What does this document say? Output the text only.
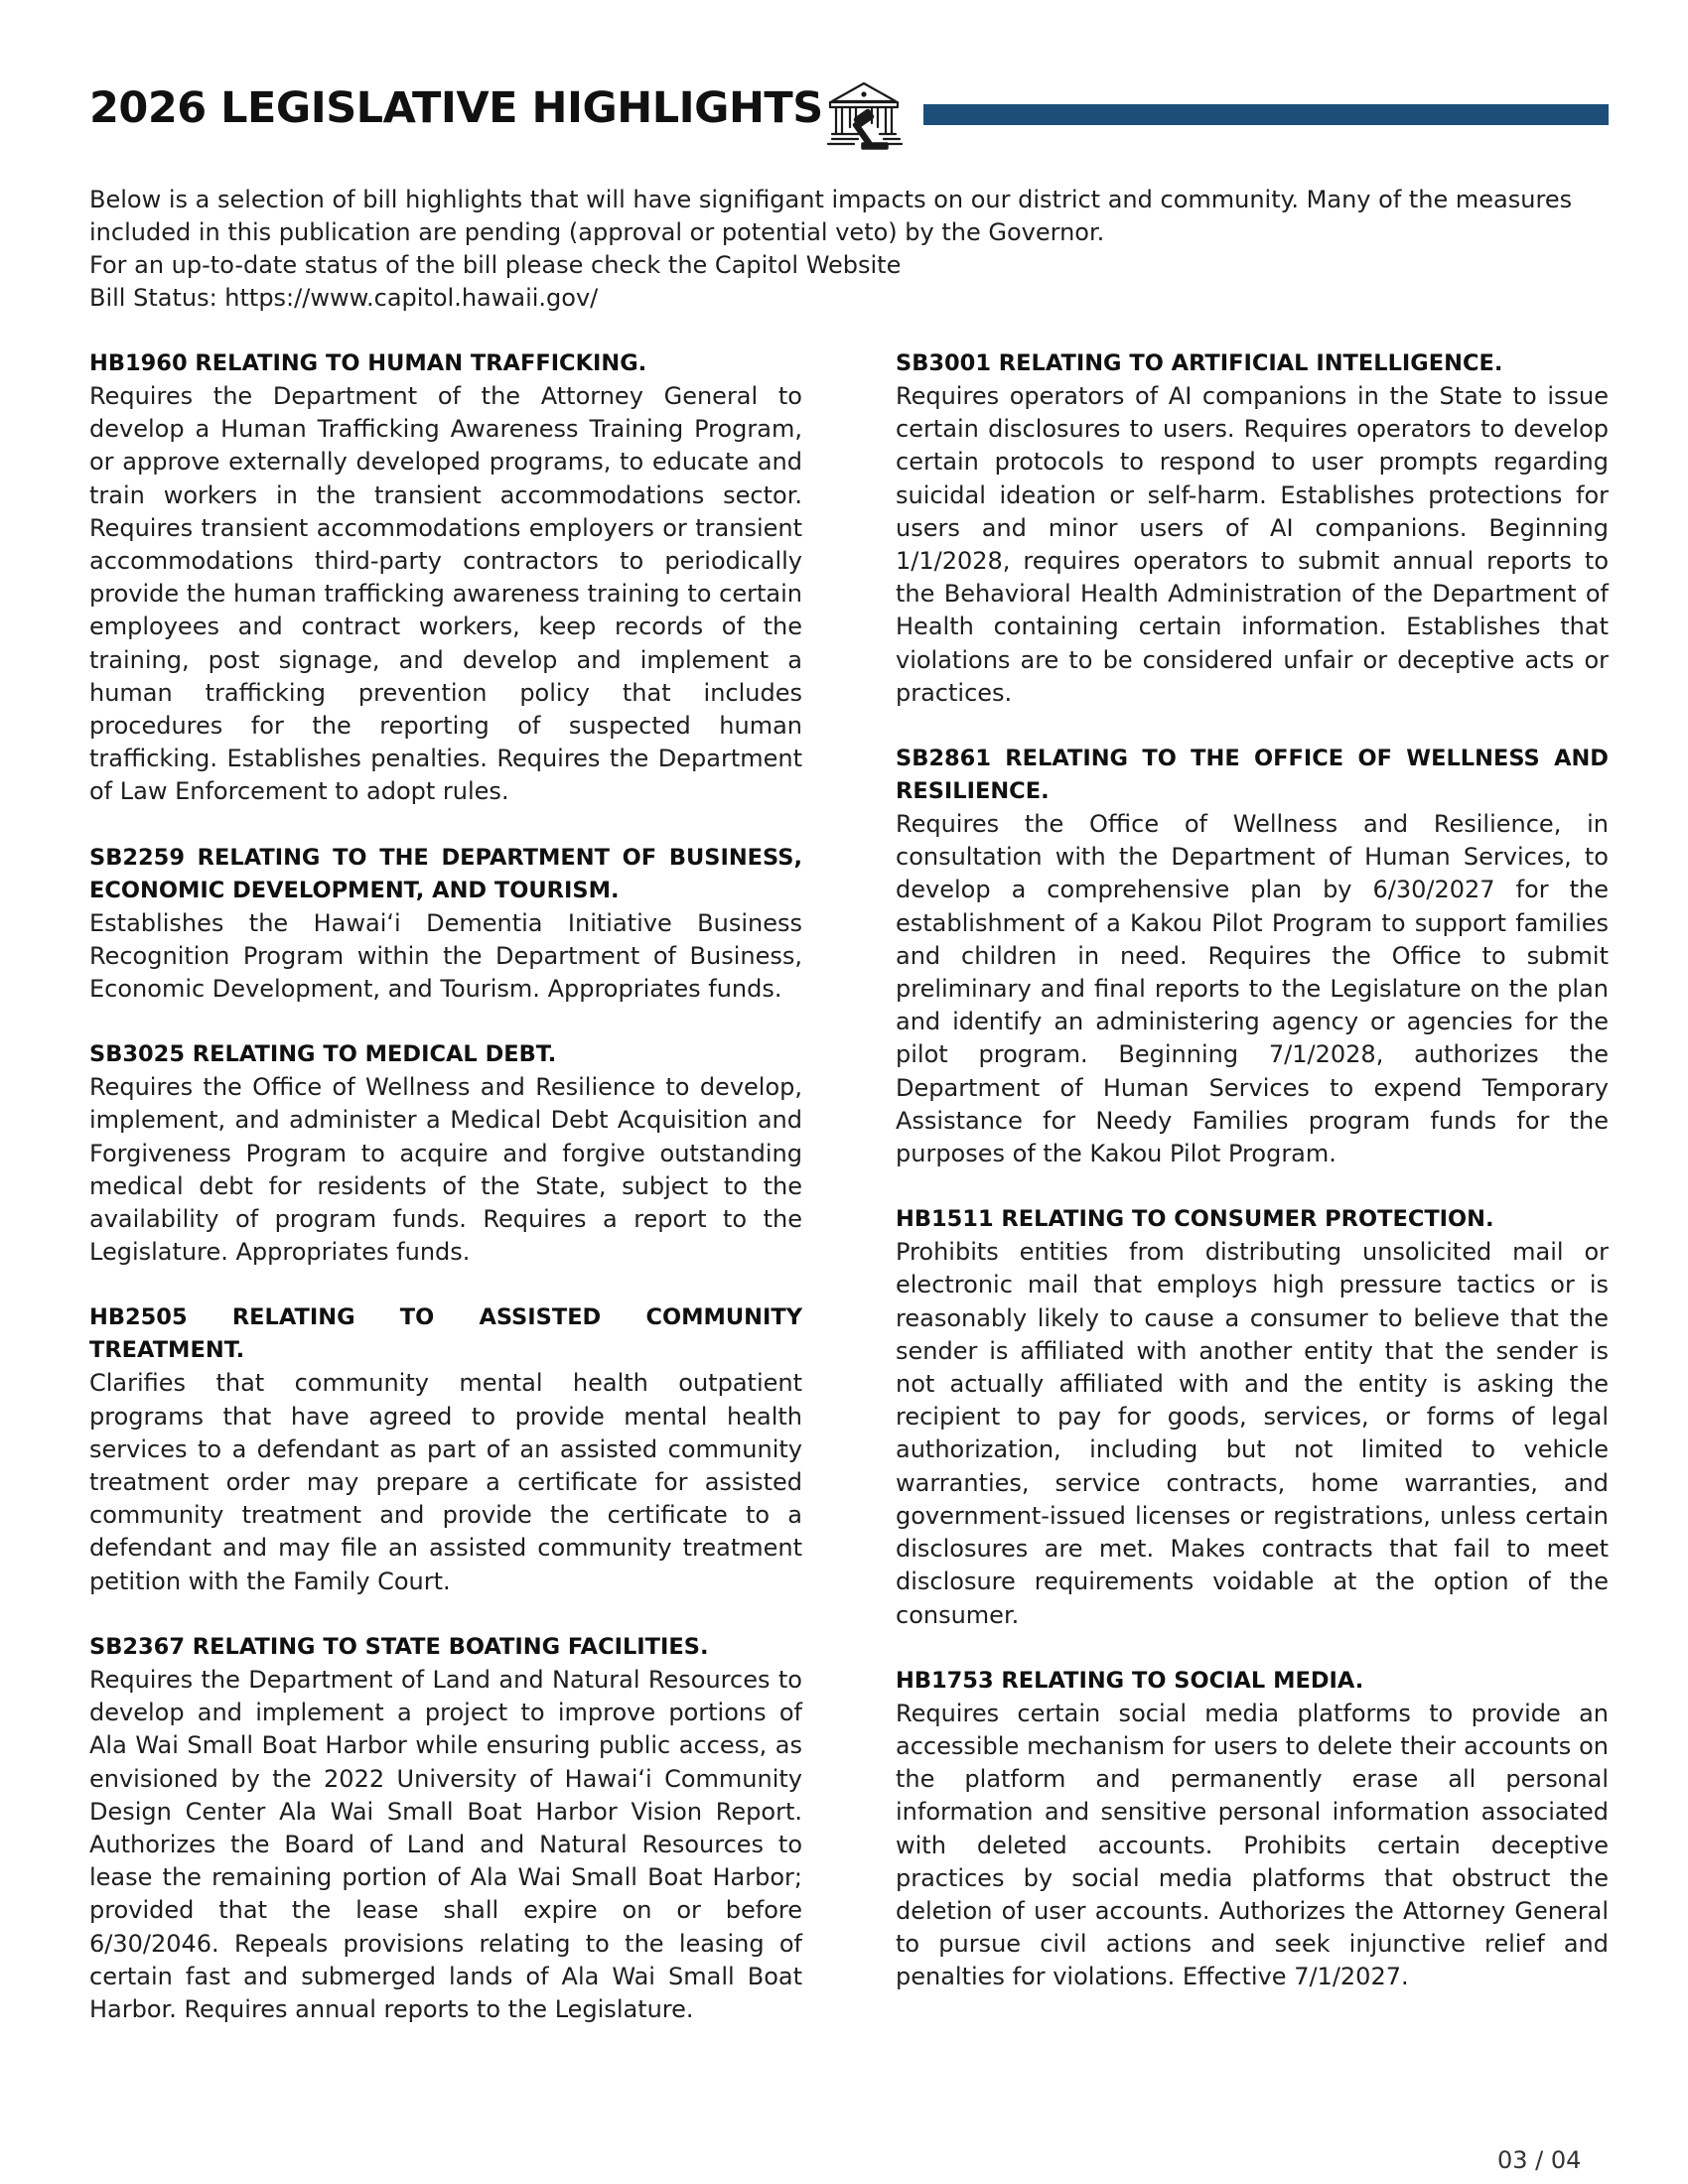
2026 LEGISLATIVE HIGHLIGHTS

Below is a selection of bill highlights that will have signifigant impacts on our district and community. Many of the measures included in this publication are pending (approval or potential veto) by the Governor.

For an up-to-date status of the bill please check the Capitol Website

Bill Status: https://www.capitol.hawaii.gov/

HB1960 RELATING TO HUMAN TRAFFICKING.

Requires the Department of the Attorney General to develop a Human Trafficking Awareness Training Program, or approve externally developed programs, to educate and train workers in the transient accommodations sector. Requires transient accommodations employers or transient accommodations third-party contractors to periodically provide the human trafficking awareness training to certain employees and contract workers, keep records of the training, post signage, and develop and implement a human trafficking prevention policy that includes procedures for the reporting of suspected human trafficking. Establishes penalties. Requires the Department of Law Enforcement to adopt rules.

SB2259 RELATING TO THE DEPARTMENT OF BUSINESS, ECONOMIC DEVELOPMENT, AND TOURISM.

Establishes the Hawaiʻi Dementia Initiative Business Recognition Program within the Department of Business, Economic Development, and Tourism. Appropriates funds.

SB3025 RELATING TO MEDICAL DEBT.

Requires the Office of Wellness and Resilience to develop, implement, and administer a Medical Debt Acquisition and Forgiveness Program to acquire and forgive outstanding medical debt for residents of the State, subject to the availability of program funds. Requires a report to the Legislature. Appropriates funds.

HB2505 RELATING TO ASSISTED COMMUNITY TREATMENT.

Clarifies that community mental health outpatient programs that have agreed to provide mental health services to a defendant as part of an assisted community treatment order may prepare a certificate for assisted community treatment and provide the certificate to a defendant and may file an assisted community treatment petition with the Family Court.

SB2367 RELATING TO STATE BOATING FACILITIES.

Requires the Department of Land and Natural Resources to develop and implement a project to improve portions of Ala Wai Small Boat Harbor while ensuring public access, as envisioned by the 2022 University of Hawaiʻi Community Design Center Ala Wai Small Boat Harbor Vision Report. Authorizes the Board of Land and Natural Resources to lease the remaining portion of Ala Wai Small Boat Harbor; provided that the lease shall expire on or before 6/30/2046. Repeals provisions relating to the leasing of certain fast and submerged lands of Ala Wai Small Boat Harbor. Requires annual reports to the Legislature.

SB3001 RELATING TO ARTIFICIAL INTELLIGENCE.

Requires operators of AI companions in the State to issue certain disclosures to users. Requires operators to develop certain protocols to respond to user prompts regarding suicidal ideation or self-harm. Establishes protections for users and minor users of AI companions. Beginning 1/1/2028, requires operators to submit annual reports to the Behavioral Health Administration of the Department of Health containing certain information. Establishes that violations are to be considered unfair or deceptive acts or practices.

SB2861 RELATING TO THE OFFICE OF WELLNESS AND RESILIENCE.

Requires the Office of Wellness and Resilience, in consultation with the Department of Human Services, to develop a comprehensive plan by 6/30/2027 for the establishment of a Kakou Pilot Program to support families and children in need. Requires the Office to submit preliminary and final reports to the Legislature on the plan and identify an administering agency or agencies for the pilot program. Beginning 7/1/2028, authorizes the Department of Human Services to expend Temporary Assistance for Needy Families program funds for the purposes of the Kakou Pilot Program.

HB1511 RELATING TO CONSUMER PROTECTION.

Prohibits entities from distributing unsolicited mail or electronic mail that employs high pressure tactics or is reasonably likely to cause a consumer to believe that the sender is affiliated with another entity that the sender is not actually affiliated with and the entity is asking the recipient to pay for goods, services, or forms of legal authorization, including but not limited to vehicle warranties, service contracts, home warranties, and government-issued licenses or registrations, unless certain disclosures are met. Makes contracts that fail to meet disclosure requirements voidable at the option of the consumer.

HB1753 RELATING TO SOCIAL MEDIA.

Requires certain social media platforms to provide an accessible mechanism for users to delete their accounts on the platform and permanently erase all personal information and sensitive personal information associated with deleted accounts. Prohibits certain deceptive practices by social media platforms that obstruct the deletion of user accounts. Authorizes the Attorney General to pursue civil actions and seek injunctive relief and penalties for violations. Effective 7/1/2027.

03 / 04
